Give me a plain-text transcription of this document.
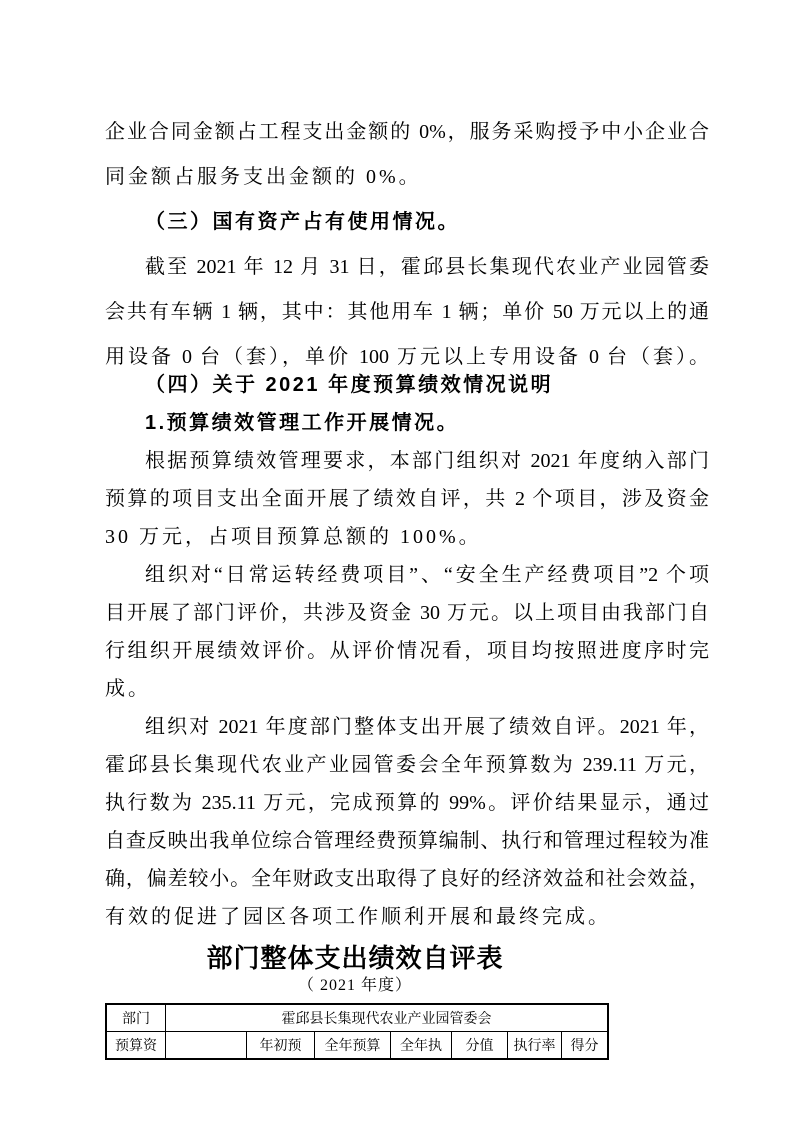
企业合同金额占工程支出金额的 0%，服务采购授予中小企业合
同金额占服务支出金额的 0%。
（三）国有资产占有使用情况。
截至 2021 年 12 月 31 日，霍邱县长集现代农业产业园管委
会共有车辆 1 辆，其中：其他用车 1 辆；单价 50 万元以上的通
用设备 0 台（套），单价 100 万元以上专用设备 0 台（套）。
（四）关于 2021 年度预算绩效情况说明
1.预算绩效管理工作开展情况。
根据预算绩效管理要求，本部门组织对 2021 年度纳入部门
预算的项目支出全面开展了绩效自评，共 2 个项目，涉及资金
30 万元，占项目预算总额的 100%。
组织对“日常运转经费项目”、“安全生产经费项目”2 个项
目开展了部门评价，共涉及资金 30 万元。以上项目由我部门自
行组织开展绩效评价。从评价情况看，项目均按照进度序时完
成。
组织对 2021 年度部门整体支出开展了绩效自评。2021 年，
霍邱县长集现代农业产业园管委会全年预算数为 239.11 万元，
执行数为 235.11 万元，完成预算的 99%。评价结果显示，通过
自查反映出我单位综合管理经费预算编制、执行和管理过程较为准
确，偏差较小。全年财政支出取得了良好的经济效益和社会效益，
有效的促进了园区各项工作顺利开展和最终完成。
部门整体支出绩效自评表
（ 2021 年度）
部门	霍邱县长集现代农业产业园管委会						
预算资		年初预	全年预算	全年执	分值	执行率	得分
